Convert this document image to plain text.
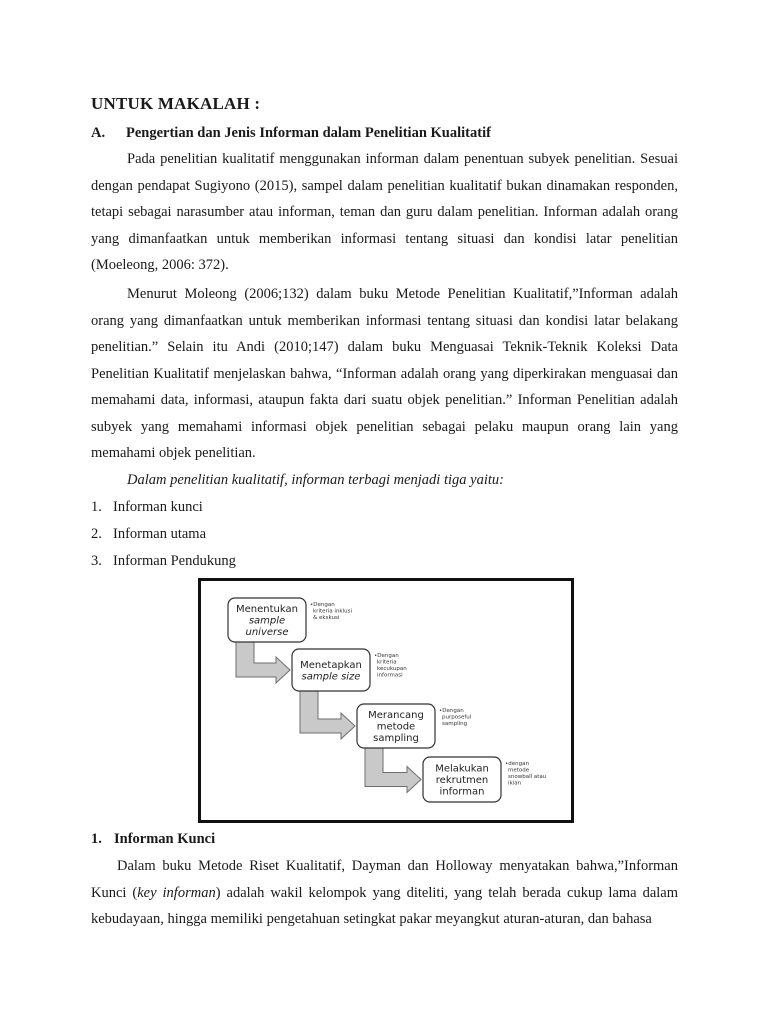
UNTUK MAKALAH :
A. Pengertian dan Jenis Informan dalam Penelitian Kualitatif
Pada penelitian kualitatif menggunakan informan dalam penentuan subyek penelitian. Sesuai dengan pendapat Sugiyono (2015), sampel dalam penelitian kualitatif bukan dinamakan responden, tetapi sebagai narasumber atau informan, teman dan guru dalam penelitian. Informan adalah orang yang dimanfaatkan untuk memberikan informasi tentang situasi dan kondisi latar penelitian (Moeleong, 2006: 372).
Menurut Moleong (2006;132) dalam buku Metode Penelitian Kualitatif,”Informan adalah orang yang dimanfaatkan untuk memberikan informasi tentang situasi dan kondisi latar belakang penelitian.” Selain itu Andi (2010;147) dalam buku Menguasai Teknik-Teknik Koleksi Data Penelitian Kualitatif menjelaskan bahwa, “Informan adalah orang yang diperkirakan menguasai dan memahami data, informasi, ataupun fakta dari suatu objek penelitian.” Informan Penelitian adalah subyek yang memahami informasi objek penelitian sebagai pelaku maupun orang lain yang memahami objek penelitian.
Dalam penelitian kualitatif, informan terbagi menjadi tiga yaitu:
1. Informan kunci
2. Informan utama
3. Informan Pendukung
Menentukan
sample
universe
•Dengan
kriteria inklusi
& ekskusi
Menetapkan
sample size
•Dengan
kriteria
kecukupan
informasi
Merancang
metode
sampling
•Dengan
purposeful
sampling
Melakukan
rekrutmen
informan
•dengan
metode
snowball atau
iklan
1. Informan Kunci
Dalam buku Metode Riset Kualitatif, Dayman dan Holloway menyatakan bahwa,”Informan Kunci (key informan) adalah wakil kelompok yang diteliti, yang telah berada cukup lama dalam kebudayaan, hingga memiliki pengetahuan setingkat pakar meyangkut aturan-aturan, dan bahasa
